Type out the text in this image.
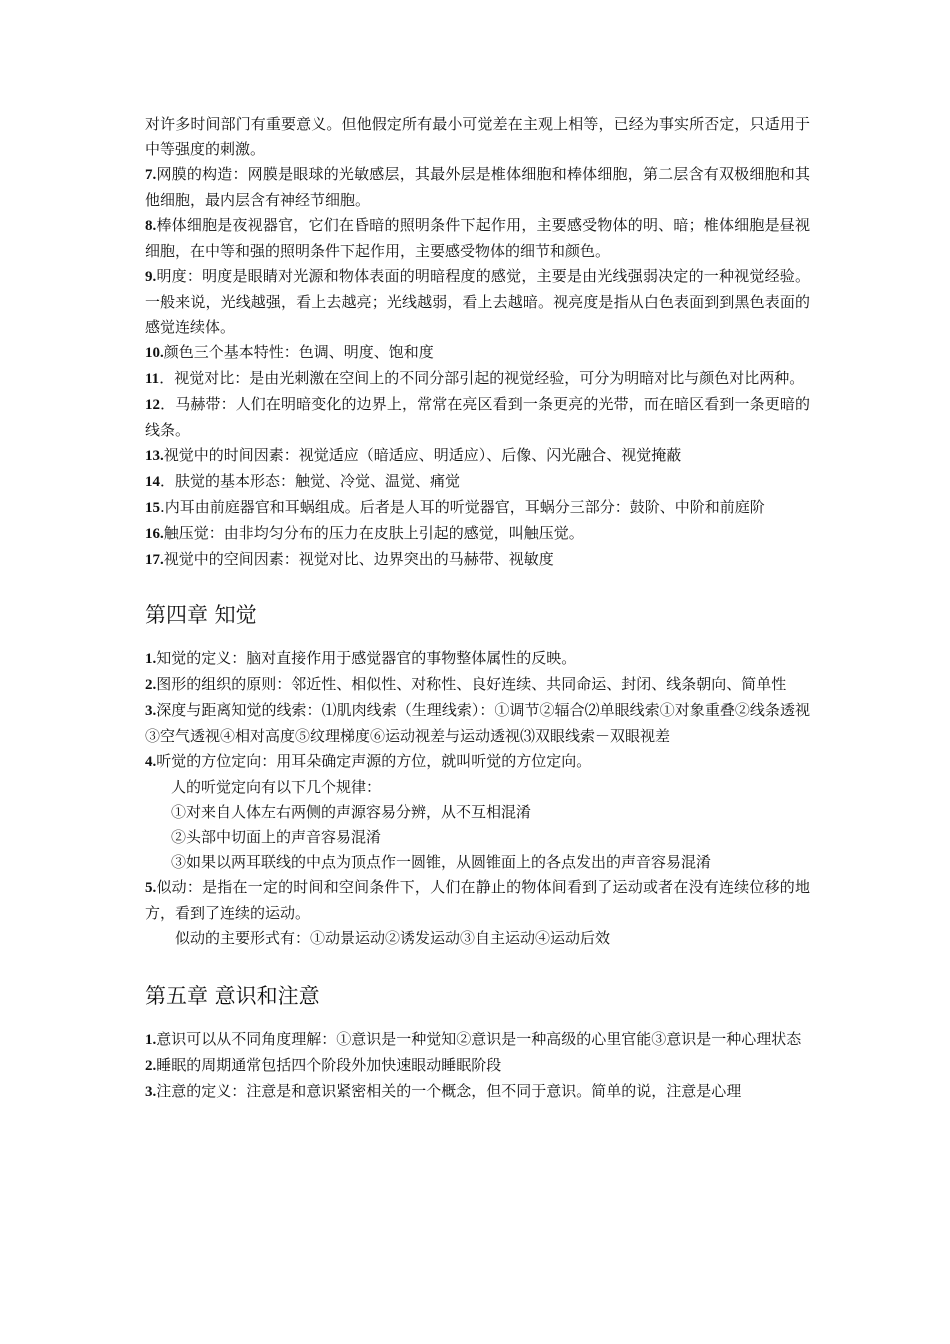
对许多时间部门有重要意义。但他假定所有最小可觉差在主观上相等，已经为事实所否定，只适用于中等强度的刺激。

7.网膜的构造：网膜是眼球的光敏感层，其最外层是椎体细胞和棒体细胞，第二层含有双极细胞和其他细胞，最内层含有神经节细胞。

8.棒体细胞是夜视器官，它们在昏暗的照明条件下起作用，主要感受物体的明、暗；椎体细胞是昼视细胞，在中等和强的照明条件下起作用，主要感受物体的细节和颜色。

9.明度：明度是眼睛对光源和物体表面的明暗程度的感觉，主要是由光线强弱决定的一种视觉经验。一般来说，光线越强，看上去越亮；光线越弱，看上去越暗。视亮度是指从白色表面到到黑色表面的感觉连续体。

10.颜色三个基本特性：色调、明度、饱和度

11．视觉对比：是由光刺激在空间上的不同分部引起的视觉经验，可分为明暗对比与颜色对比两种。

12．马赫带：人们在明暗变化的边界上，常常在亮区看到一条更亮的光带，而在暗区看到一条更暗的线条。

13.视觉中的时间因素：视觉适应（暗适应、明适应）、后像、闪光融合、视觉掩蔽

14．肤觉的基本形态：触觉、冷觉、温觉、痛觉

15.内耳由前庭器官和耳蜗组成。后者是人耳的听觉器官，耳蜗分三部分：鼓阶、中阶和前庭阶

16.触压觉：由非均匀分布的压力在皮肤上引起的感觉，叫触压觉。

17.视觉中的空间因素：视觉对比、边界突出的马赫带、视敏度

第四章 知觉

1.知觉的定义：脑对直接作用于感觉器官的事物整体属性的反映。

2.图形的组织的原则：邻近性、相似性、对称性、良好连续、共同命运、封闭、线条朝向、简单性

3.深度与距离知觉的线索：⑴肌肉线索（生理线索）：①调节②辐合⑵单眼线索①对象重叠②线条透视③空气透视④相对高度⑤纹理梯度⑥运动视差与运动透视⑶双眼线索－双眼视差

4.听觉的方位定向：用耳朵确定声源的方位，就叫听觉的方位定向。

人的听觉定向有以下几个规律：

①对来自人体左右两侧的声源容易分辨，从不互相混淆

②头部中切面上的声音容易混淆

③如果以两耳联线的中点为顶点作一圆锥，从圆锥面上的各点发出的声音容易混淆

5.似动：是指在一定的时间和空间条件下，人们在静止的物体间看到了运动或者在没有连续位移的地方，看到了连续的运动。

似动的主要形式有：①动景运动②诱发运动③自主运动④运动后效

第五章 意识和注意

1.意识可以从不同角度理解：①意识是一种觉知②意识是一种高级的心里官能③意识是一种心理状态

2.睡眠的周期通常包括四个阶段外加快速眼动睡眠阶段

3.注意的定义：注意是和意识紧密相关的一个概念，但不同于意识。简单的说，注意是心理
